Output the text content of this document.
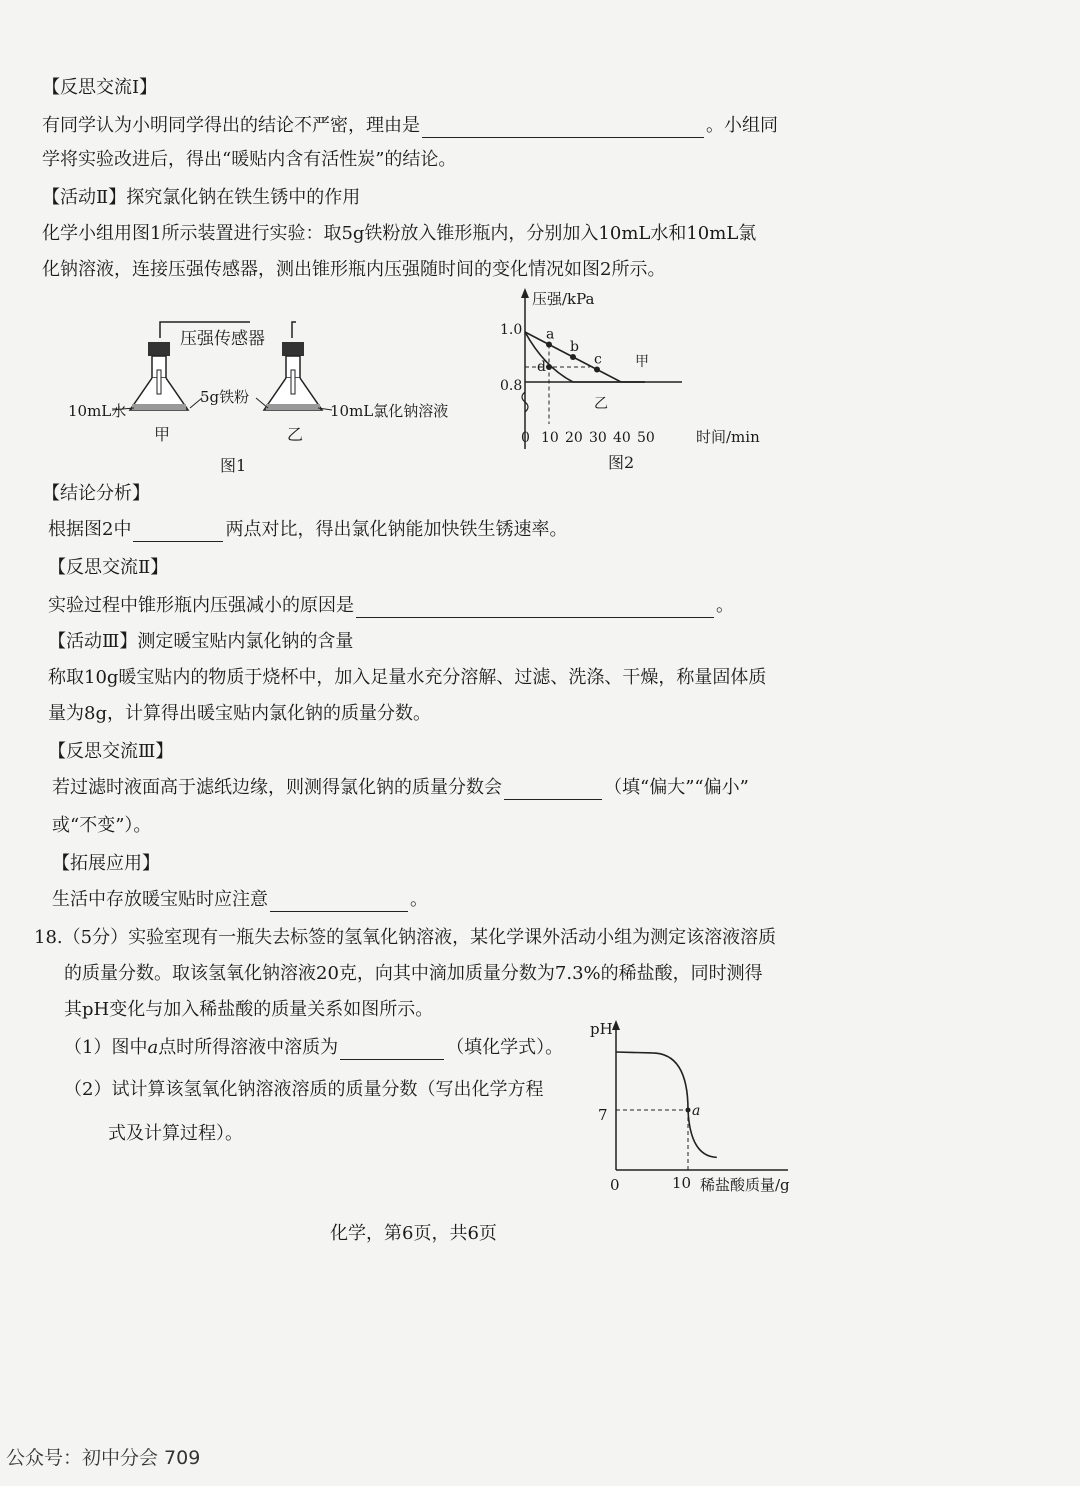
【反思交流Ⅰ】
有同学认为小明同学得出的结论不严密，理由是	。小组同
学将实验改进后，得出“暖贴内含有活性炭”的结论。
【活动Ⅱ】探究氯化钠在铁生锈中的作用
化学小组用图1所示装置进行实验：取5g铁粉放入锥形瓶内，分别加入10mL水和10mL氯
化钠溶液，连接压强传感器，测出锥形瓶内压强随时间的变化情况如图2所示。
压强传感器
10mL水
5g铁粉
10mL氯化钠溶液
甲	乙
图1
压强/kPa
1.0
0.8
0 10 20 30 40 50	时间/min
a
b
c
d	甲
乙
图2
【结论分析】
根据图2中	两点对比，得出氯化钠能加快铁生锈速率。
【反思交流Ⅱ】
实验过程中锥形瓶内压强减小的原因是	。
【活动Ⅲ】测定暖宝贴内氯化钠的含量
称取10g暖宝贴内的物质于烧杯中，加入足量水充分溶解、过滤、洗涤、干燥，称量固体质
量为8g，计算得出暖宝贴内氯化钠的质量分数。
【反思交流Ⅲ】
若过滤时液面高于滤纸边缘，则测得氯化钠的质量分数会	（填“偏大”“偏小”
或“不变”）。
【拓展应用】
生活中存放暖宝贴时应注意	。
18.（5分）实验室现有一瓶失去标签的氢氧化钠溶液，某化学课外活动小组为测定该溶液溶质
的质量分数。取该氢氧化钠溶液20克，向其中滴加质量分数为7.3%的稀盐酸，同时测得
其pH变化与加入稀盐酸的质量关系如图所示。
（1）图中a点时所得溶液中溶质为	（填化学式）。
（2）试计算该氢氧化钠溶液溶质的质量分数（写出化学方程
式及计算过程）。
pH
7
0	10 稀盐酸质量/g
a
化学，第6页，共6页
公众号：初中分会 709
